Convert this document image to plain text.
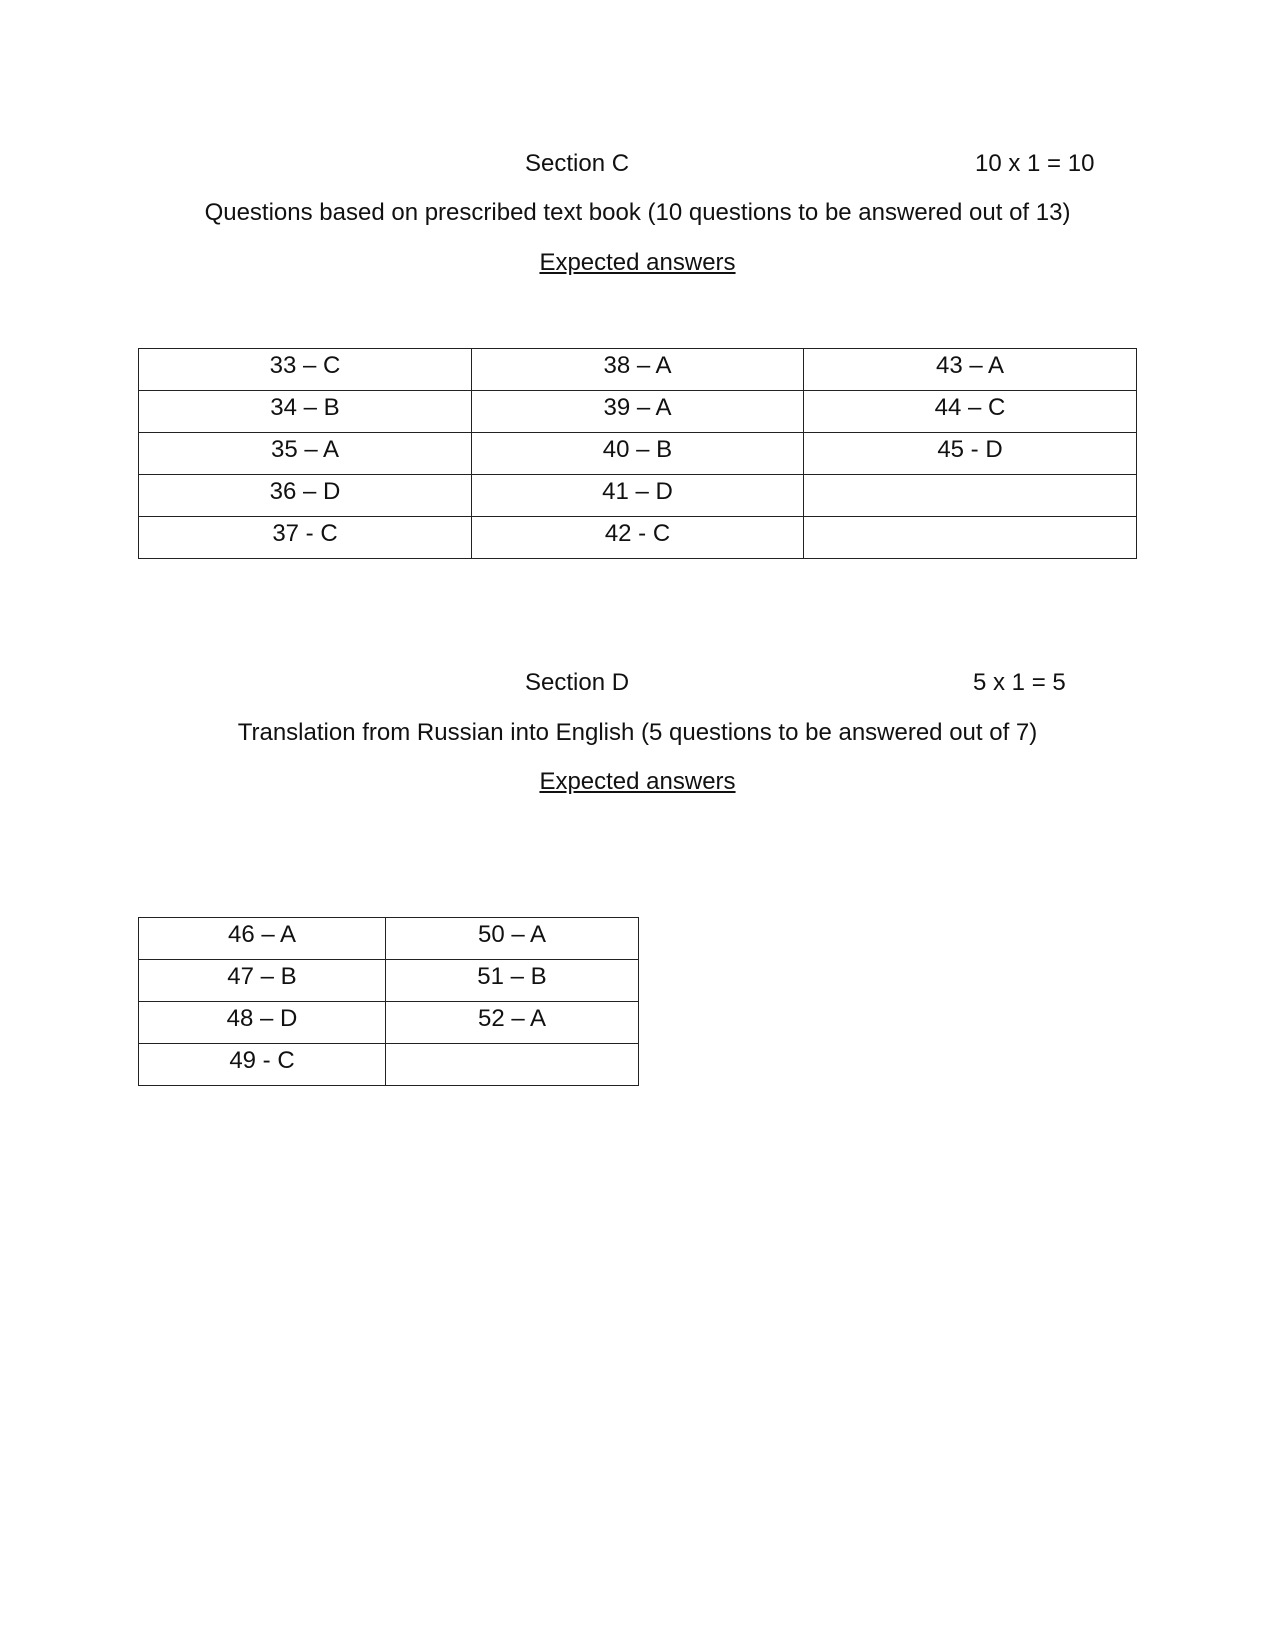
Section C	10 x 1 = 10
Questions based on prescribed text book (10 questions to be answered out of 13)
Expected answers
33 – C	38 – A	43 – A
34 – B	39 – A	44 – C
35 – A	40 – B	45 - D
36 – D	41 – D	
37 - C	42 - C	
Section D	5 x 1 = 5
Translation from Russian into English (5 questions to be answered out of 7)
Expected answers
46 – A	50 – A
47 – B	51 – B
48 – D	52 – A
49 - C	
